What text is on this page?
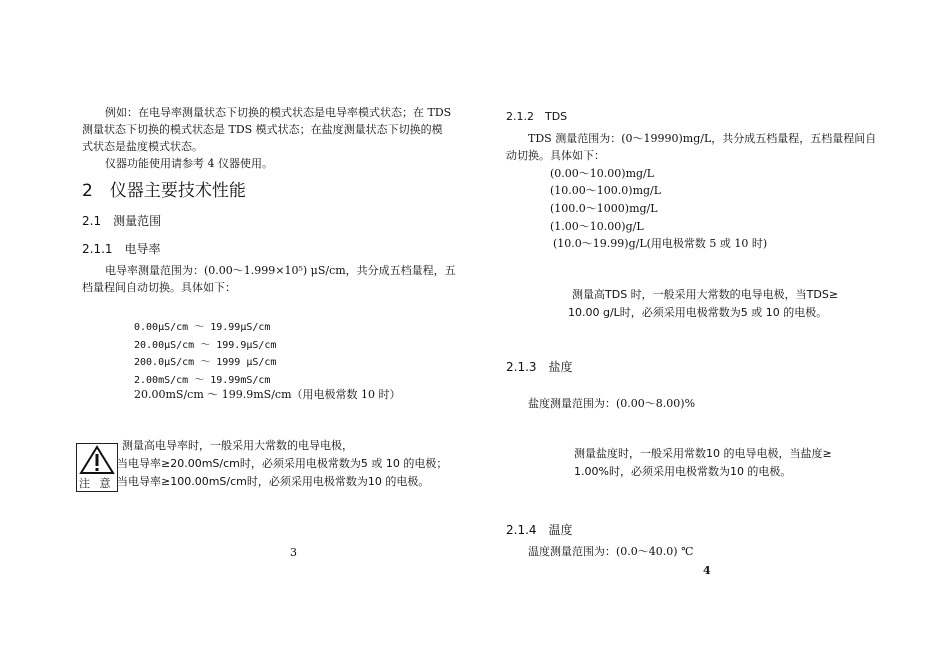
例如：在电导率测量状态下切换的模式状态是电导率模式状态；在 TDS
测量状态下切换的模式状态是 TDS 模式状态；在盐度测量状态下切换的模
式状态是盐度模式状态。
仪器功能使用请参考 4 仪器使用。
2　仪器主要技术性能
2.1　测量范围
2.1.1　电导率
电导率测量范围为：(0.00～1.999×10⁵) μS/cm，共分成五档量程，五
档量程间自动切换。具体如下：
0.00μS/cm ～ 19.99μS/cm
20.00μS/cm ～ 199.9μS/cm
200.0μS/cm ～ 1999 μS/cm
2.00mS/cm ～ 19.99mS/cm
20.00mS/cm ～ 199.9mS/cm（用电极常数 10 时）
注 意
测量高电导率时，一般采用大常数的电导电极，
当电导率≥20.00mS/cm时，必须采用电极常数为5 或 10 的电极；
当电导率≥100.00mS/cm时，必须采用电极常数为10 的电极。
3
2.1.2　TDS
TDS 测量范围为：(0～19990)mg/L，共分成五档量程，五档量程间自
动切换。具体如下：
(0.00～10.00)mg/L
(10.00～100.0)mg/L
(100.0～1000)mg/L
(1.00～10.00)g/L
(10.0～19.99)g/L(用电极常数 5 或 10 时)
测量高TDS 时，一般采用大常数的电导电极，当TDS≥
10.00 g/L时，必须采用电极常数为5 或 10 的电极。
2.1.3　盐度
盐度测量范围为：(0.00～8.00)%
测量盐度时，一般采用常数10 的电导电极，当盐度≥
1.00%时，必须采用电极常数为10 的电极。
2.1.4　温度
温度测量范围为：(0.0～40.0) ℃
4
